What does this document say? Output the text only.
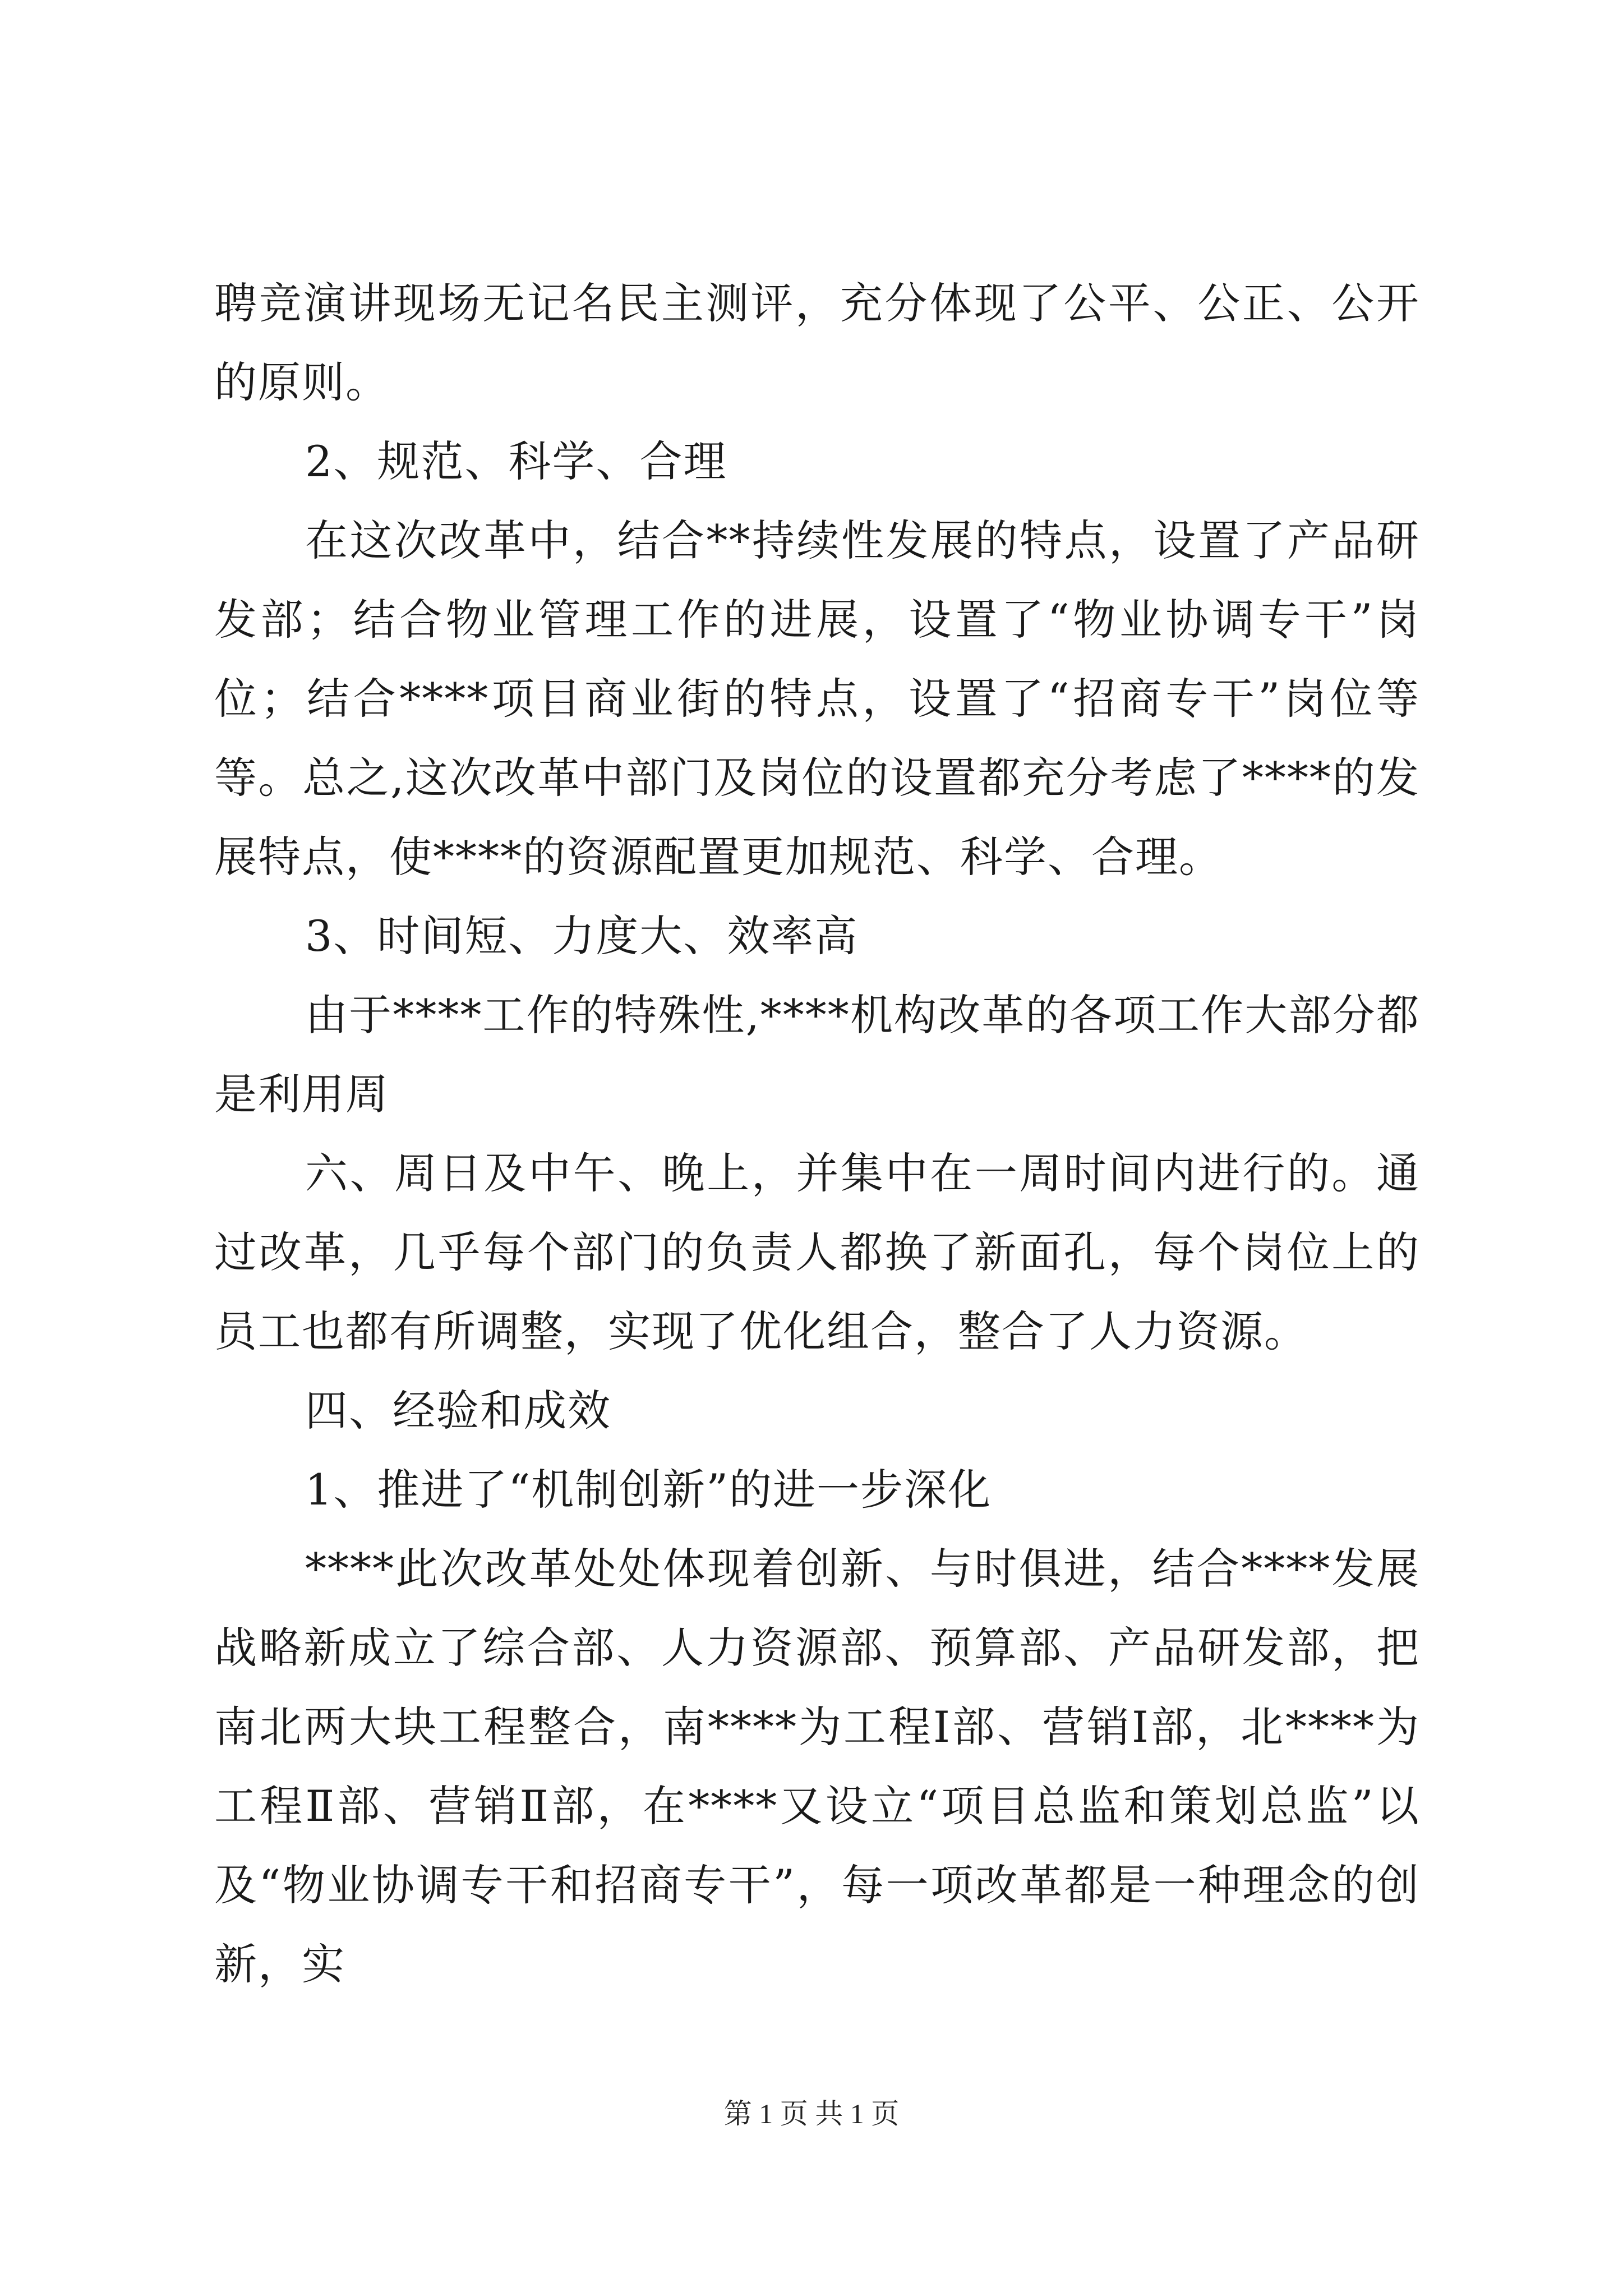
聘竞演讲现场无记名民主测评，充分体现了公平、公正、公开的原则。

2、规范、科学、合理

在这次改革中，结合**持续性发展的特点，设置了产品研发部；结合物业管理工作的进展，设置了“物业协调专干”岗位；结合****项目商业街的特点，设置了“招商专干”岗位等等。总之,这次改革中部门及岗位的设置都充分考虑了****的发展特点，使****的资源配置更加规范、科学、合理。

3、时间短、力度大、效率高

由于****工作的特殊性,****机构改革的各项工作大部分都是利用周

六、周日及中午、晚上，并集中在一周时间内进行的。通过改革，几乎每个部门的负责人都换了新面孔，每个岗位上的员工也都有所调整，实现了优化组合，整合了人力资源。

四、经验和成效

1、推进了“机制创新”的进一步深化

****此次改革处处体现着创新、与时俱进，结合****发展战略新成立了综合部、人力资源部、预算部、产品研发部，把南北两大块工程整合，南****为工程Ⅰ部、营销Ⅰ部，北****为工程Ⅱ部、营销Ⅱ部，在****又设立“项目总监和策划总监”以及“物业协调专干和招商专干”，每一项改革都是一种理念的创新，实

第 1 页 共 1 页
